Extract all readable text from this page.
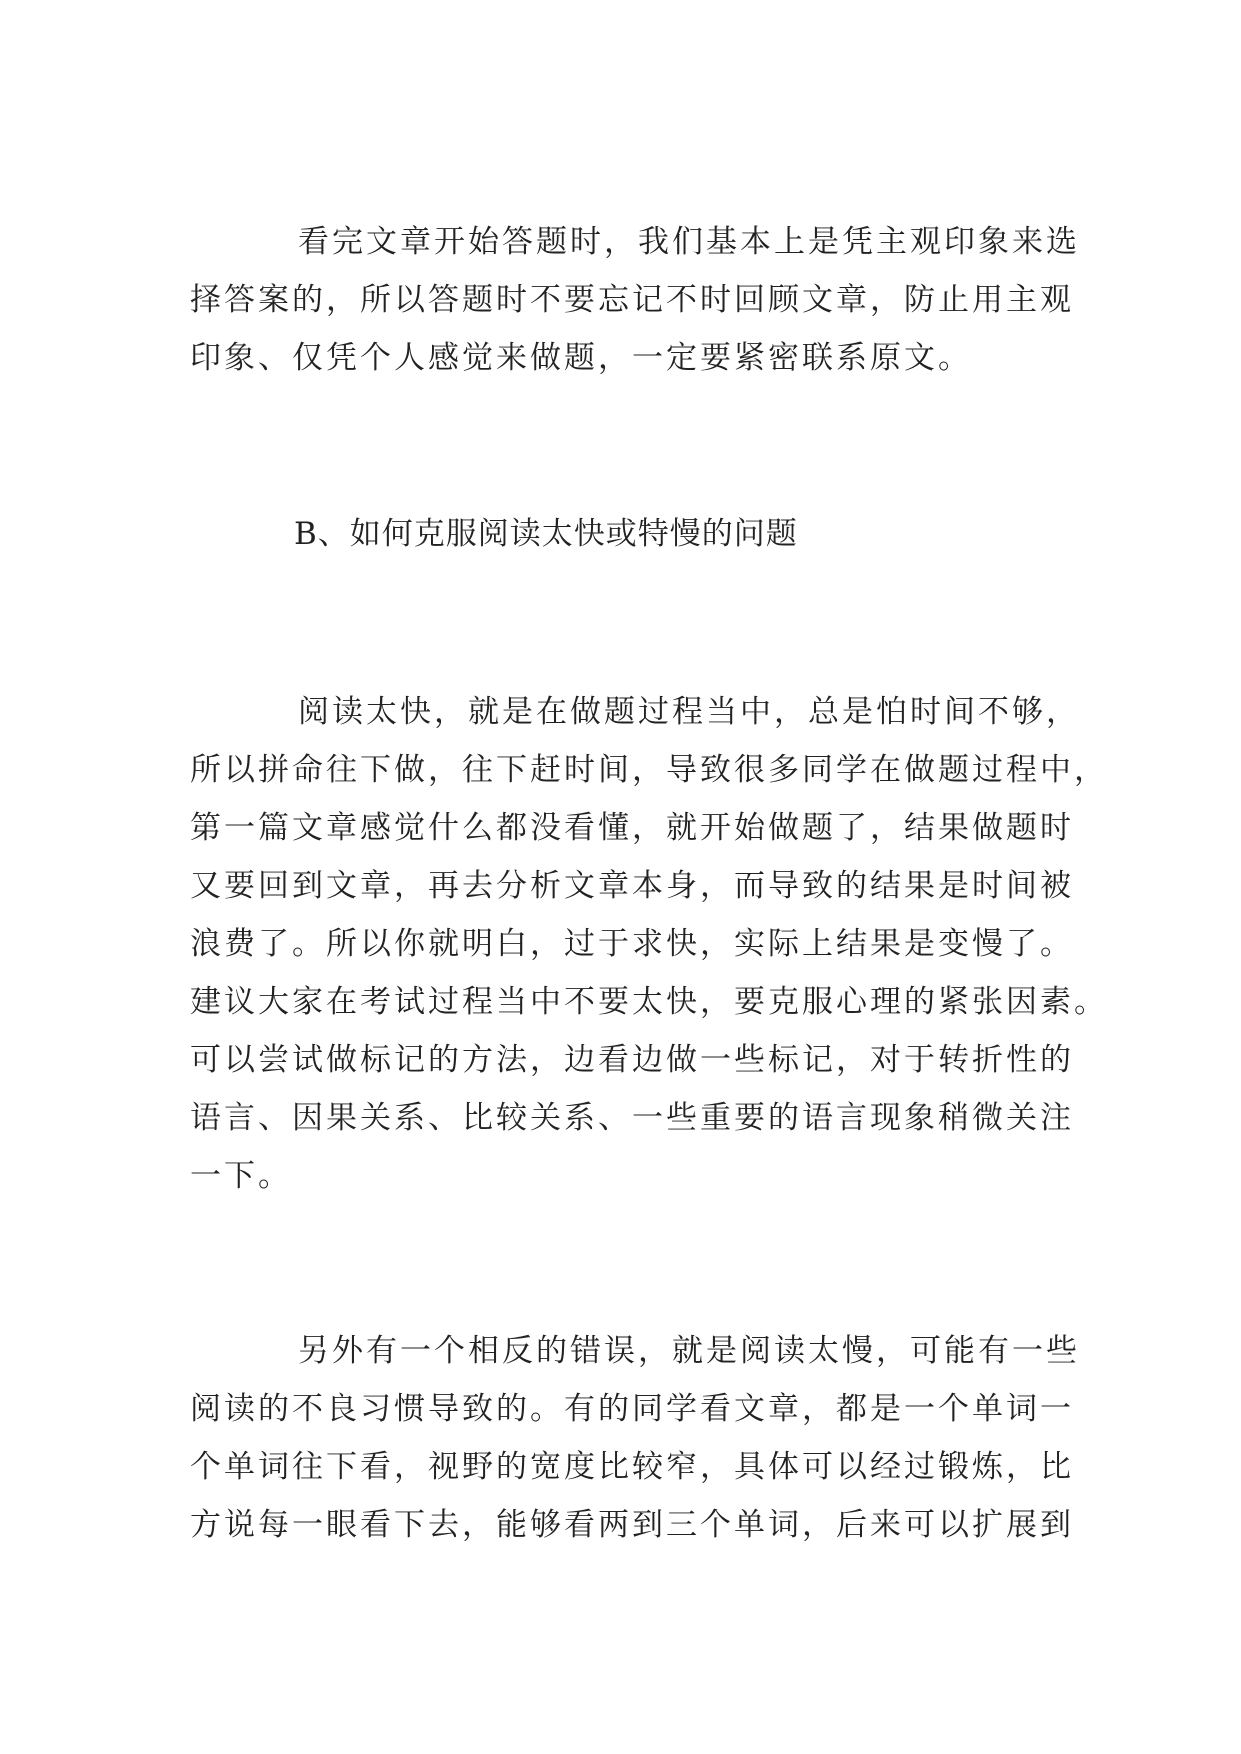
看完文章开始答题时，我们基本上是凭主观印象来选
择答案的，所以答题时不要忘记不时回顾文章，防止用主观
印象、仅凭个人感觉来做题，一定要紧密联系原文。
B、如何克服阅读太快或特慢的问题
阅读太快，就是在做题过程当中，总是怕时间不够，
所以拼命往下做，往下赶时间，导致很多同学在做题过程中，
第一篇文章感觉什么都没看懂，就开始做题了，结果做题时
又要回到文章，再去分析文章本身，而导致的结果是时间被
浪费了。所以你就明白，过于求快，实际上结果是变慢了。
建议大家在考试过程当中不要太快，要克服心理的紧张因素。
可以尝试做标记的方法，边看边做一些标记，对于转折性的
语言、因果关系、比较关系、一些重要的语言现象稍微关注
一下。
另外有一个相反的错误，就是阅读太慢，可能有一些
阅读的不良习惯导致的。有的同学看文章，都是一个单词一
个单词往下看，视野的宽度比较窄，具体可以经过锻炼，比
方说每一眼看下去，能够看两到三个单词，后来可以扩展到
